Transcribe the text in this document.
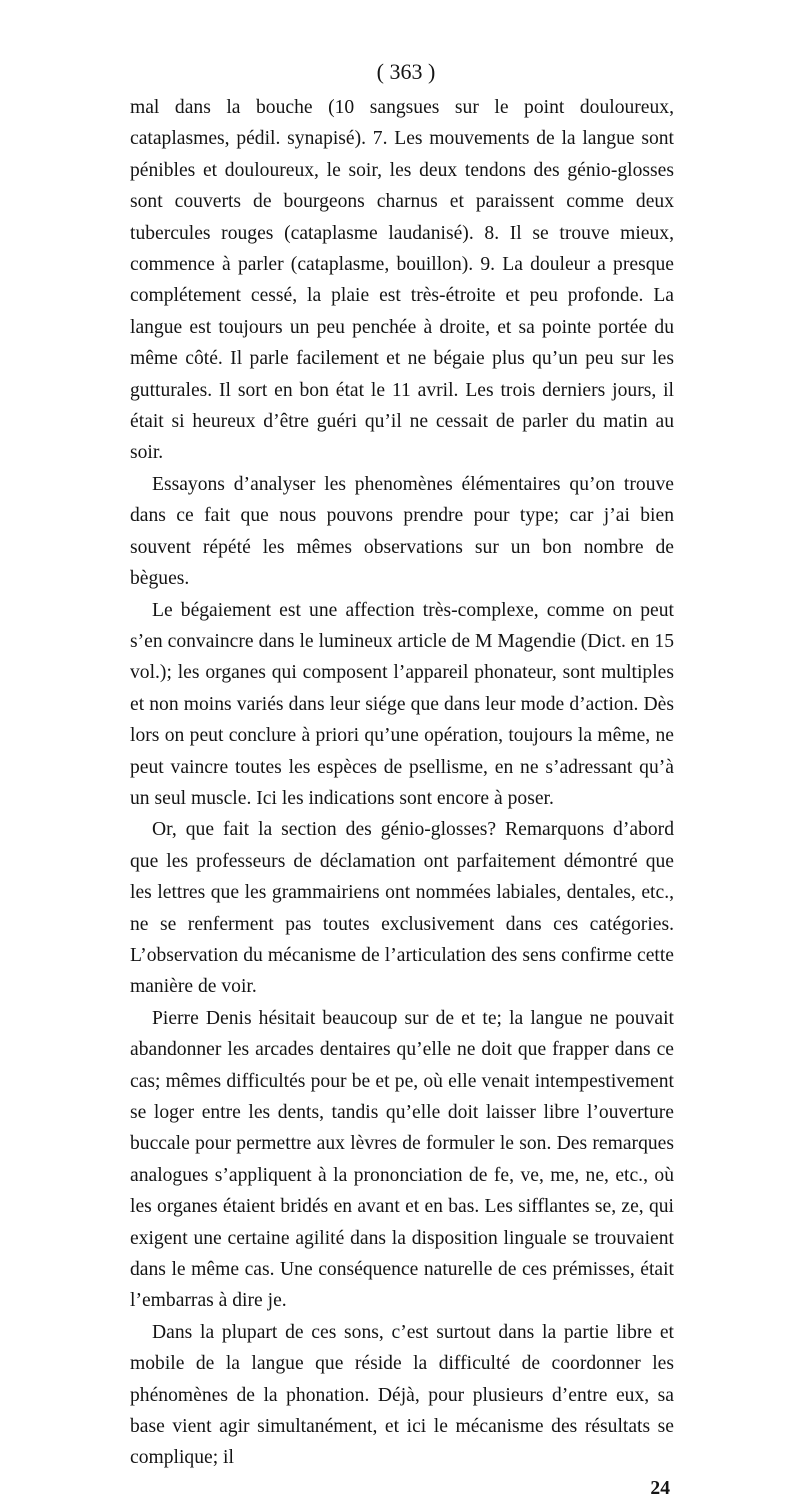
( 363 )

mal dans la bouche (10 sangsues sur le point douloureux, cataplasmes, pédil. synapisé). 7. Les mouvements de la langue sont pénibles et douloureux, le soir, les deux tendons des génio-glosses sont couverts de bourgeons charnus et paraissent comme deux tubercules rouges (cataplasme laudanisé). 8. Il se trouve mieux, commence à parler (cataplasme, bouillon). 9. La douleur a presque complétement cessé, la plaie est très-étroite et peu profonde. La langue est toujours un peu penchée à droite, et sa pointe portée du même côté. Il parle facilement et ne bégaie plus qu’un peu sur les gutturales. Il sort en bon état le 11 avril. Les trois derniers jours, il était si heureux d’être guéri qu’il ne cessait de parler du matin au soir.

Essayons d’analyser les phenomènes élémentaires qu’on trouve dans ce fait que nous pouvons prendre pour type; car j’ai bien souvent répété les mêmes observations sur un bon nombre de bègues.

Le bégaiement est une affection très-complexe, comme on peut s’en convaincre dans le lumineux article de M Magendie (Dict. en 15 vol.); les organes qui composent l’appareil phonateur, sont multiples et non moins variés dans leur siége que dans leur mode d’action. Dès lors on peut conclure à priori qu’une opération, toujours la même, ne peut vaincre toutes les espèces de psellisme, en ne s’adressant qu’à un seul muscle. Ici les indications sont encore à poser.

Or, que fait la section des génio-glosses? Remarquons d’abord que les professeurs de déclamation ont parfaitement démontré que les lettres que les grammairiens ont nommées labiales, dentales, etc., ne se renferment pas toutes exclusivement dans ces catégories. L’observation du mécanisme de l’articulation des sens confirme cette manière de voir.

Pierre Denis hésitait beaucoup sur de et te; la langue ne pouvait abandonner les arcades dentaires qu’elle ne doit que frapper dans ce cas; mêmes difficultés pour be et pe, où elle venait intempestivement se loger entre les dents, tandis qu’elle doit laisser libre l’ouverture buccale pour permettre aux lèvres de formuler le son. Des remarques analogues s’appliquent à la prononciation de fe, ve, me, ne, etc., où les organes étaient bridés en avant et en bas. Les sifflantes se, ze, qui exigent une certaine agilité dans la disposition linguale se trouvaient dans le même cas. Une conséquence naturelle de ces prémisses, était l’embarras à dire je.

Dans la plupart de ces sons, c’est surtout dans la partie libre et mobile de la langue que réside la difficulté de coordonner les phénomènes de la phonation. Déjà, pour plusieurs d’entre eux, sa base vient agir simultanément, et ici le mécanisme des résultats se complique; il

24
